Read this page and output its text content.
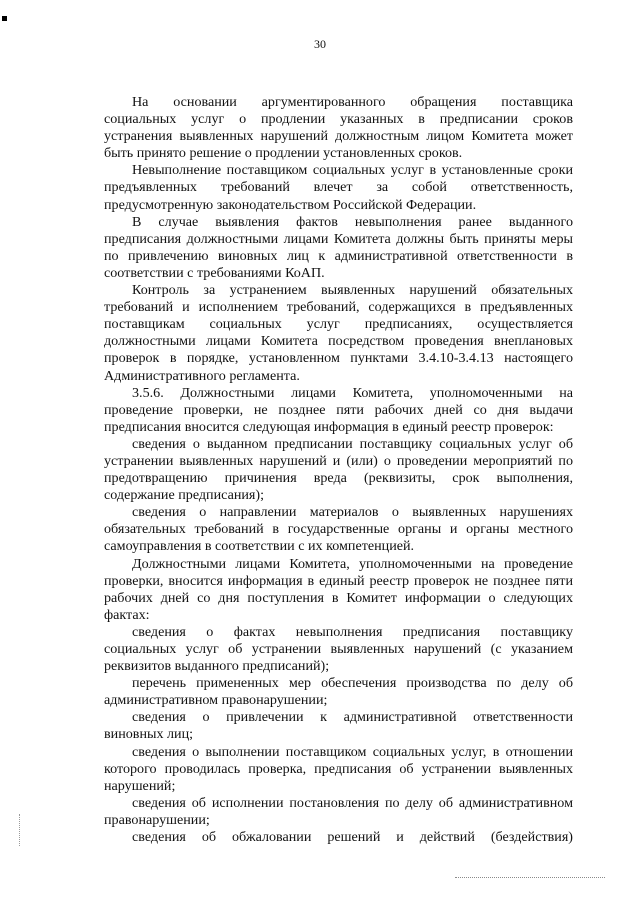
30
На основании аргументированного обращения поставщика
социальных услуг о продлении указанных в предписании сроков
устранения выявленных нарушений должностным лицом Комитета может
быть принято решение о продлении установленных сроков.
Невыполнение поставщиком социальных услуг в установленные сроки
предъявленных требований влечет за собой ответственность,
предусмотренную законодательством Российской Федерации.
В случае выявления фактов невыполнения ранее выданного
предписания должностными лицами Комитета должны быть приняты меры
по привлечению виновных лиц к административной ответственности в
соответствии с требованиями КоАП.
Контроль за устранением выявленных нарушений обязательных
требований и исполнением требований, содержащихся в предъявленных
поставщикам социальных услуг предписаниях, осуществляется
должностными лицами Комитета посредством проведения внеплановых
проверок в порядке, установленном пунктами 3.4.10-3.4.13 настоящего
Административного регламента.
3.5.6. Должностными лицами Комитета, уполномоченными на
проведение проверки, не позднее пяти рабочих дней со дня выдачи
предписания вносится следующая информация в единый реестр проверок:
сведения о выданном предписании поставщику социальных услуг об
устранении выявленных нарушений и (или) о проведении мероприятий по
предотвращению причинения вреда (реквизиты, срок выполнения,
содержание предписания);
сведения о направлении материалов о выявленных нарушениях
обязательных требований в государственные органы и органы местного
самоуправления в соответствии с их компетенцией.
Должностными лицами Комитета, уполномоченными на проведение
проверки, вносится информация в единый реестр проверок не позднее пяти
рабочих дней со дня поступления в Комитет информации о следующих
фактах:
сведения о фактах невыполнения предписания поставщику
социальных услуг об устранении выявленных нарушений (с указанием
реквизитов выданного предписаний);
перечень примененных мер обеспечения производства по делу об
административном правонарушении;
сведения о привлечении к административной ответственности
виновных лиц;
сведения о выполнении поставщиком социальных услуг, в отношении
которого проводилась проверка, предписания об устранении выявленных
нарушений;
сведения об исполнении постановления по делу об административном
правонарушении;
сведения об обжаловании решений и действий (бездействия)
